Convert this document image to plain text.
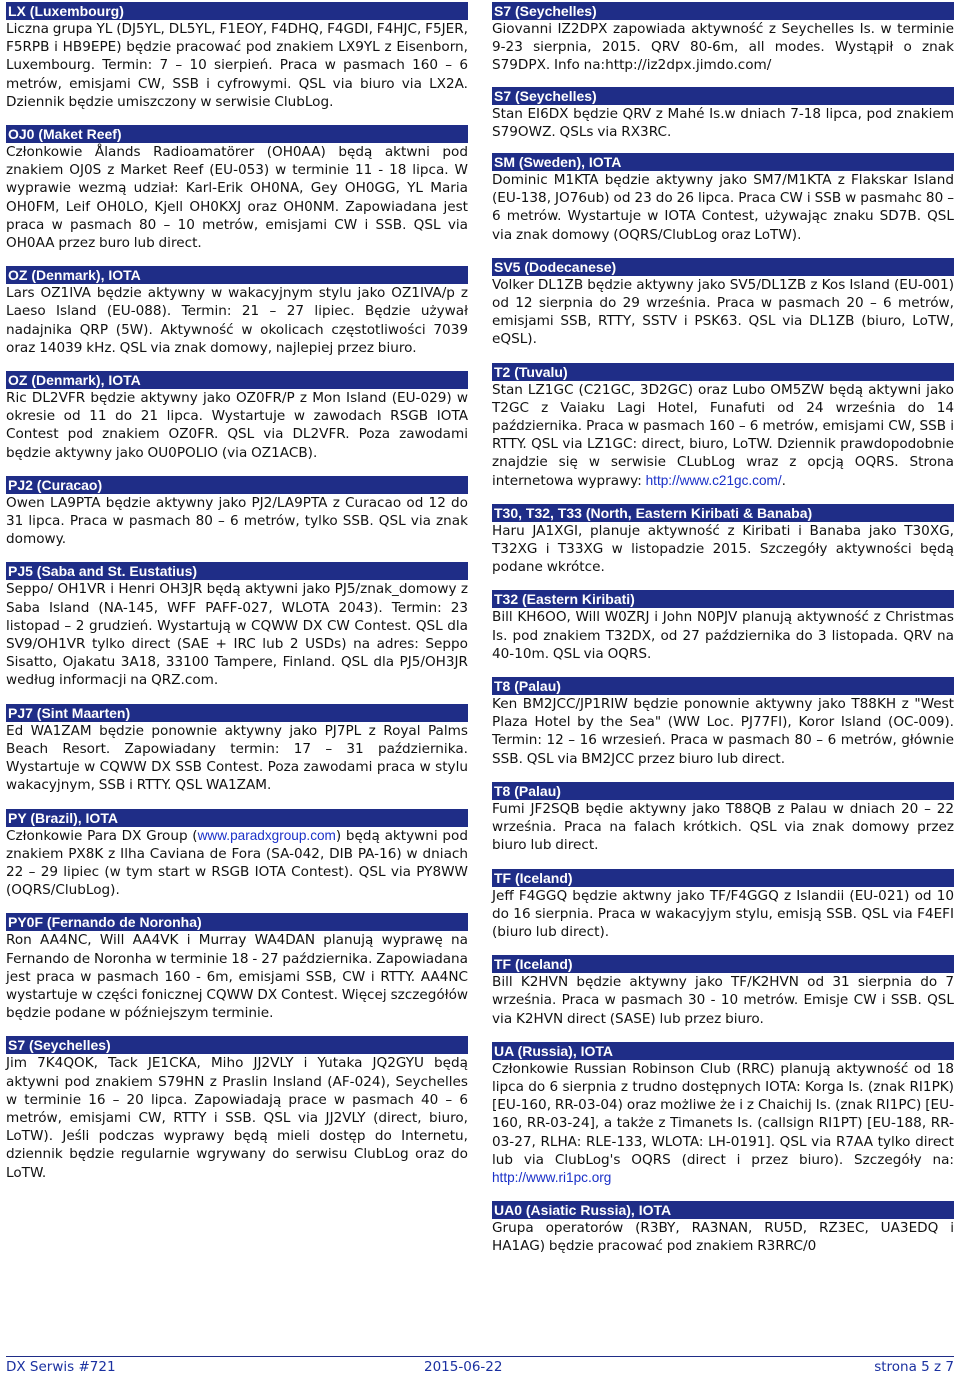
LX (Luxembourg)

Liczna grupa YL (DJ5YL, DL5YL, F1EOY, F4DHQ, F4GDI, F4HJC, F5JER, F5RPB i HB9EPE) będzie pracować pod znakiem LX9YL z Eisenborn, Luxembourg. Termin: 7 – 10 sierpień. Praca w pasmach 160 – 6 metrów, emisjami CW, SSB i cyfrowymi. QSL via biuro via LX2A. Dziennik będzie umiszczony w serwisie ClubLog.

OJ0 (Maket Reef)

Członkowie Ålands Radioamatörer (OH0AA) będą aktwni pod znakiem OJ0S z Market Reef (EU-053) w terminie 11 - 18 lipca. W wyprawie wezmą udział: Karl-Erik OH0NA, Gey OH0GG, YL Maria OH0FM, Leif OH0LO, Kjell OH0KXJ oraz OH0NM. Zapowiadana jest praca w pasmach 80 – 10 metrów, emisjami CW i SSB. QSL via OH0AA przez buro lub direct.

OZ (Denmark), IOTA

Lars OZ1IVA będzie aktywny w wakacyjnym stylu jako OZ1IVA/p z Laeso Island (EU-088). Termin: 21 – 27 lipiec. Będzie używał nadajnika QRP (5W). Aktywność w okolicach częstotliwości 7039 oraz 14039 kHz. QSL via znak domowy, najlepiej przez biuro.

OZ (Denmark), IOTA

Ric DL2VFR będzie aktywny jako OZ0FR/P z Mon Island (EU-029) w okresie od 11 do 21 lipca. Wystartuje w zawodach RSGB IOTA Contest pod znakiem OZ0FR. QSL via DL2VFR. Poza zawodami będzie aktywny jako OU0POLIO (via OZ1ACB).

PJ2 (Curacao)

Owen LA9PTA będzie aktywny jako PJ2/LA9PTA z Curacao od 12 do 31 lipca. Praca w pasmach 80 – 6 metrów, tylko SSB. QSL via znak domowy.

PJ5 (Saba and St. Eustatius)

Seppo/ OH1VR i Henri OH3JR będą aktywni jako PJ5/znak_domowy z Saba Island (NA-145, WFF PAFF-027, WLOTA 2043). Termin: 23 listopad – 2 grudzień. Wystartują w CQWW DX CW Contest. QSL dla SV9/OH1VR tylko direct (SAE + IRC lub 2 USDs) na adres: Seppo Sisatto, Ojakatu 3A18, 33100 Tampere, Finland. QSL dla PJ5/OH3JR według informacji na QRZ.com.

PJ7 (Sint Maarten)

Ed WA1ZAM będzie ponownie aktywny jako PJ7PL z Royal Palms Beach Resort. Zapowiadany termin: 17 – 31 października. Wystartuje w CQWW DX SSB Contest. Poza zawodami praca w stylu wakacyjnym, SSB i RTTY. QSL WA1ZAM.

PY (Brazil), IOTA

Członkowie Para DX Group (www.paradxgroup.com) będą aktywni pod znakiem PX8K z Ilha Caviana de Fora (SA-042, DIB PA-16) w dniach 22 – 29 lipiec (w tym start w RSGB IOTA Contest). QSL via PY8WW (OQRS/ClubLog).

PY0F (Fernando de Noronha)

Ron AA4NC, Will AA4VK i Murray WA4DAN planują wyprawę na Fernando de Noronha w terminie 18 - 27 października. Zapowiadana jest praca w pasmach 160 - 6m, emisjami SSB, CW i RTTY. AA4NC wystartuje w części fonicznej CQWW DX Contest. Więcej szczegółów będzie podane w późniejszym terminie.

S7 (Seychelles)

Jim 7K4QOK, Tack JE1CKA, Miho JJ2VLY i Yutaka JQ2GYU będą aktywni pod znakiem S79HN z Praslin Insland (AF-024), Seychelles w terminie 16 – 20 lipca. Zapowiadają prace w pasmach 40 – 6 metrów, emisjami CW, RTTY i SSB. QSL via JJ2VLY (direct, biuro, LoTW). Jeśli podczas wyprawy będą mieli dostęp do Internetu, dziennik będzie regularnie wgrywany do serwisu ClubLog oraz do LoTW.

S7 (Seychelles)

Giovanni IZ2DPX zapowiada aktywność z Seychelles Is. w terminie 9-23 sierpnia, 2015. QRV 80-6m, all modes. Wystąpił o znak S79DPX. Info na:http://iz2dpx.jimdo.com/

S7 (Seychelles)

Stan EI6DX będzie QRV z Mahé Is.w dniach 7-18 lipca, pod znakiem S79OWZ. QSLs via RX3RC.

SM (Sweden), IOTA

Dominic M1KTA będzie aktywny jako SM7/M1KTA z Flakskar Island (EU-138, JO76ub) od 23 do 26 lipca. Praca CW i SSB w pasmahc 80 – 6 metrów. Wystartuje w IOTA Contest, używając znaku SD7B. QSL via znak domowy (OQRS/ClubLog oraz LoTW).

SV5 (Dodecanese)

Volker DL1ZB będzie aktywny jako SV5/DL1ZB z Kos Island (EU-001) od 12 sierpnia do 29 września. Praca w pasmach 20 – 6 metrów, emisjami SSB, RTTY, SSTV i PSK63. QSL via DL1ZB (biuro, LoTW, eQSL).

T2 (Tuvalu)

Stan LZ1GC (C21GC, 3D2GC) oraz Lubo OM5ZW będą aktywni jako T2GC z Vaiaku Lagi Hotel, Funafuti od 24 września do 14 października. Praca w pasmach 160 – 6 metrów, emisjami CW, SSB i RTTY. QSL via LZ1GC: direct, biuro, LoTW. Dziennik prawdopodobnie znajdzie się w serwisie CLubLog wraz z opcją OQRS. Strona internetowa wyprawy: http://www.c21gc.com/.

T30, T32, T33 (North, Eastern Kiribati & Banaba)

Haru JA1XGI, planuje aktywność z Kiribati i Banaba jako T30XG, T32XG i T33XG w listopadzie 2015. Szczegóły aktywności będą podane wkrótce.

T32 (Eastern Kiribati)

Bill KH6OO, Will W0ZRJ i John N0PJV planują aktywność z Christmas Is. pod znakiem T32DX, od 27 października do 3 listopada. QRV na 40-10m. QSL via OQRS.

T8 (Palau)

Ken BM2JCC/JP1RIW będzie ponownie aktywny jako T88KH z "West Plaza Hotel by the Sea" (WW Loc. PJ77FI), Koror Island (OC-009). Termin: 12 – 16 wrzesień. Praca w pasmach 80 – 6 metrów, głównie SSB. QSL via BM2JCC przez biuro lub direct.

T8 (Palau)

Fumi JF2SQB będie aktywny jako T88QB z Palau w dniach 20 – 22 września. Praca na falach krótkich. QSL via znak domowy przez biuro lub direct.

TF (Iceland)

Jeff F4GGQ będzie aktwny jako TF/F4GGQ z Islandii (EU-021) od 10 do 16 sierpnia. Praca w wakacyjym stylu, emisją SSB. QSL via F4EFI (biuro lub direct).

TF (Iceland)

Bill K2HVN będzie aktywny jako TF/K2HVN od 31 sierpnia do 7 września. Praca w pasmach 30 - 10 metrów. Emisje CW i SSB. QSL via K2HVN direct (SASE) lub przez biuro.

UA (Russia), IOTA

Członkowie Russian Robinson Club (RRC) planują aktywność od 18 lipca do 6 sierpnia z trudno dostępnych IOTA: Korga Is. (znak RI1PK) [EU-160, RR-03-04) oraz możliwe że i z Chaichij Is. (znak RI1PC) [EU-160, RR-03-24], a także z Timanets Is. (callsign RI1PT) [EU-188, RR-03-27, RLHA: RLE-133, WLOTA: LH-0191]. QSL via R7AA tylko direct lub via ClubLog's OQRS (direct i przez biuro). Szczegóły na: http://www.ri1pc.org

UA0 (Asiatic Russia), IOTA

Grupa operatorów (R3BY, RA3NAN, RU5D, RZ3EC, UA3EDQ i HA1AG) będzie pracować pod znakiem R3RRC/0

DX Serwis #721	2015-06-22	strona 5 z 7
